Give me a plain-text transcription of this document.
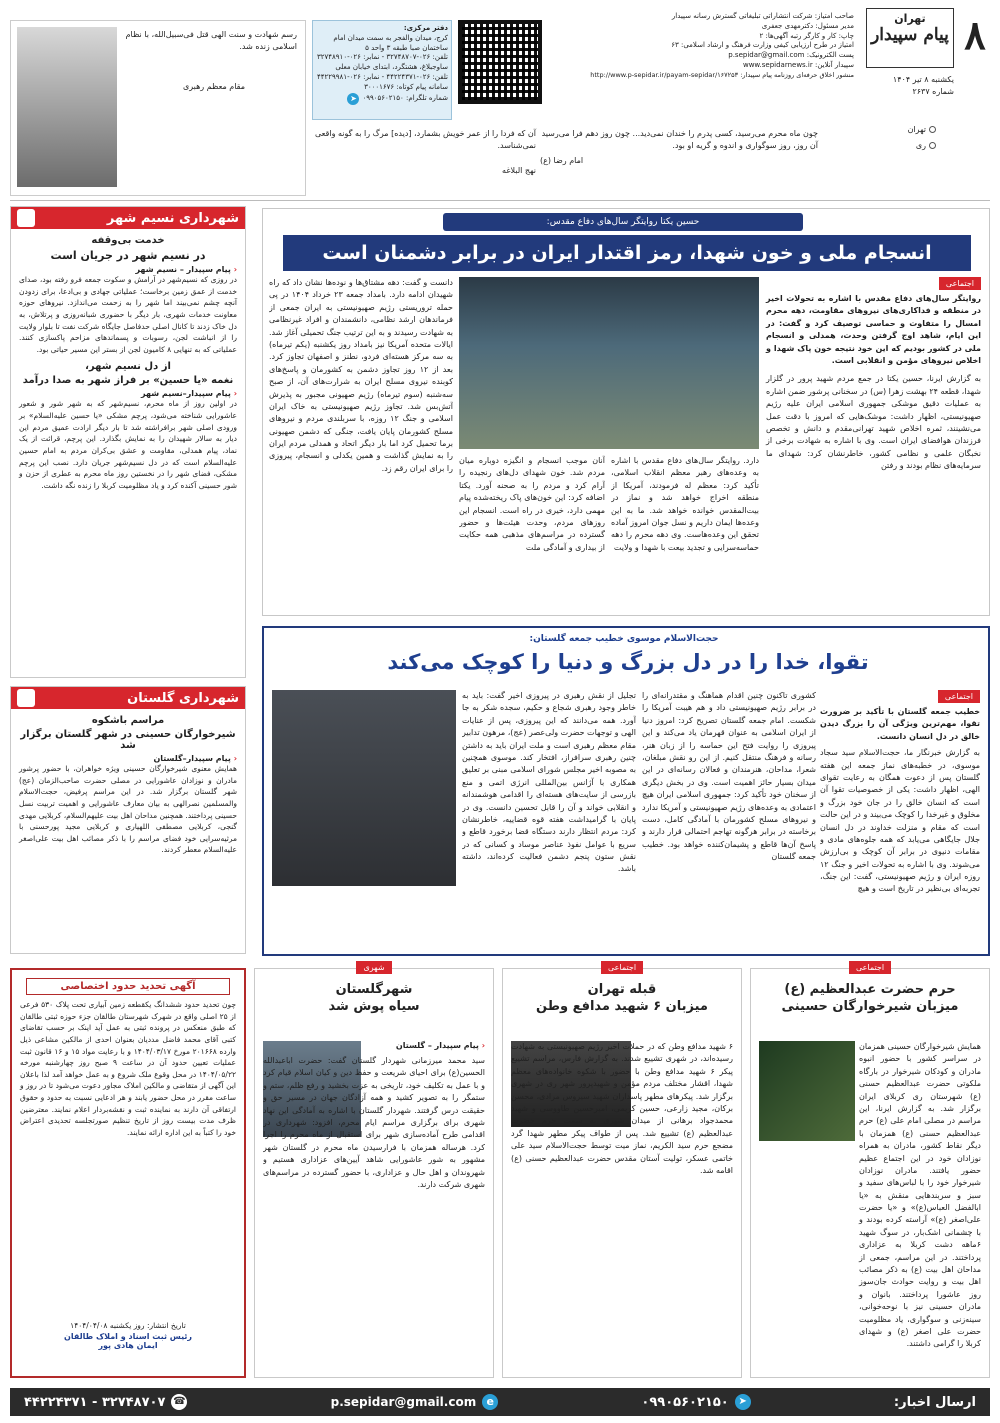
۸
تهران
پیام سپیدار
یکشنبه ۸ تیر ۱۴۰۴
شماره ۲۶۳۷
تهران
ری
صاحب امتیاز: شرکت انتشاراتی تبلیغاتی گسترش رسانه سپیدار
مدیر مسئول: دکترمهدی جعفری
چاپ: کار و کارگر رتبه آگهی‌ها: ۲
امتیاز در طرح ارزیابی کیفی وزارت فرهنگ و ارشاد اسلامی: ۶۳
پست الکترونیک: p.sepidar@gmail.com
سپیدار آنلاین: www.sepidarnews.ir
منشور اخلاق حرفه‌ای روزنامه پیام سپیدار: http://www.p-sepidar.ir/payam-sepidar/۱۶۷۲۵۳
دفتر مرکزی:
کرج، میدان والفجر به سمت میدان امام ساختمان صبا طبقه ۳ واحد ۵
تلفن: ۰۲۶-۳۲۷۴۸۷۰۷ - نمابر: ۰۲۶-۳۲۷۴۸۹۱۰
ساوجبلاغ، هشتگرد، ابتدای خیابان معلی
تلفن: ۰۲۶-۴۴۲۲۴۳۷۱ - نمابر: ۰۲۶-۴۴۲۲۹۹۸۱
سامانه پیام کوتاه: ۳۰۰۰۱۶۷۶
شماره تلگرام: ۰۹۹۰۵۶۰۲۱۵۰
➤
رسم شهادت و سنت الهی قتل فی‌سبیل‌الله، با نظام اسلامی زنده شد.
مقام معظم رهبری
چون ماه محرم می‌رسید، کسی پدرم را خندان نمی‌دید... چون روز دهم فرا می‌رسید آن روز، روز سوگواری و اندوه و گریه او بود.
امام رضا (ع)
آن که فردا را از عمر خویش بشمارد، [دیده] مرگ را به گونه واقعی نمی‌شناسد.
نهج البلاغه
شهرداری نسیم شهر
خدمت بی‌وقفه
در نسیم شهر در جریان است
‹ پیام سپیدار – نسیم شهر
در روزی که نسیم‌شهر در آرامش و سکوت جمعه فرو رفته بود، صدای خدمت از عمق زمین برخاست؛ عملیاتی جهادی و بی‌ادعا، برای زدودن آنچه چشم نمی‌بیند اما شهر را به زحمت می‌اندازد. نیروهای حوزه معاونت خدمات شهری، بار دیگر با حضوری شبانه‌روزی و پرتلاش، به دل خاک زدند تا کانال اصلی حدفاصل جایگاه شرکت نفت تا بلوار ولایت را از انباشت لجن، رسوبات و پسماندهای مزاحم پاکسازی کنند. عملیاتی که به تنهایی ۸ کامیون لجن از بستر این مسیر حیاتی بود.
از دل نسیم شهر،
نغمه «یا حسین» بر فراز شهر به صدا درآمد
‹ پیام سپیدار–نسیم شهر
در اولین روز از ماه محرم، نسیم‌شهر که به شهر شور و شعور عاشورایی شناخته می‌شود، پرچم مشکی «یا حسین علیه‌السلام» بر ورودی اصلی شهر برافراشته شد تا بار دیگر ارادت عمیق مردم این دیار به سالار شهیدان را به نمایش بگذارد. این پرچم، قرائت از یک نماد، پیام همدلی، مقاومت و عشق بی‌کران مردم به امام حسین علیه‌السلام است که در دل نسیم‌شهر جریان دارد. نصب این پرچم مشکی، فضای شهر را در نخستین روز ماه محرم به عطری از حزن و شور حسینی آکنده کرد و یاد مظلومیت کربلا را زنده نگه داشت.
شهرداری گلستان
مراسم باشکوه
شیرخوارگان حسینی در شهر گلستان برگزار شد
‹ پیام سپیدار–گلستان
همایش معنوی شیرخوارگان حسینی ویژه خواهران، با حضور پرشور مادران و نوزادان عاشورایی در مصلی حضرت صاحب‌الزمان (عج) شهر گلستان برگزار شد. در این مراسم پرفیض، حجت‌الاسلام والمسلمین نصرالهی به بیان معارف عاشورایی و اهمیت تربیت نسل حسینی پرداختند. همچنین مداحان اهل بیت علیهم‌السلام، کربلایی مهدی گنجی، کربلایی مصطفی اللهیاری و کربلایی مجید پورحسنی با مرثیه‌سرایی خود فضای مراسم را با ذکر مصائب اهل بیت علی‌اصغر علیه‌السلام معطر کردند.
حسین یکتا روایتگر سال‌های دفاع مقدس:
انسجام ملی و خون شهدا، رمز اقتدار ایران در برابر دشمنان است
اجتماعی
روایتگر سال‌های دفاع مقدس با اشاره به تحولات اخیر در منطقه و فداکاری‌های نیروهای مقاومت، دهه محرم امسال را متفاوت و حماسی توصیف کرد و گفت: در این ایام، شاهد اوج گرفتن وحدت، همدلی و انسجام ملی در کشور بودیم که این خود نتیجه خون پاک شهدا و اخلاص نیروهای مؤمن و انقلابی است.
به گزارش ایرنا، حسین یکتا در جمع مردم شهید پرور در گلزار شهدا، قطعه ۲۴ بهشت زهرا (س) در سخنانی پرشور ضمن اشاره به عملیات دقیق موشکی جمهوری اسلامی ایران علیه رژیم صهیونیستی، اظهار داشت: موشک‌هایی که امروز با دقت عمل می‌نشینند، ثمره اخلاص شهید تهرانی‌مقدم و دانش و تخصص فرزندان هوافضای ایران است. وی با اشاره به شهادت برخی از نخبگان علمی و نظامی کشور، خاطرنشان کرد: شهدای ما سرمایه‌های نظام بودند و رفتن
دانست و گفت: دهه مشتاق‌ها و نوده‌ها نشان داد که راه شهیدان ادامه دارد. بامداد جمعه ۲۳ خرداد ۱۴۰۴ در پی حمله تروریستی رژیم صهیونیستی به ایران جمعی از فرماندهان ارشد نظامی، دانشمندان و افراد غیرنظامی به شهادت رسیدند و به این ترتیب جنگ تحمیلی آغاز شد. ایالات متحده آمریکا نیز بامداد روز یکشنبه (یکم تیرماه) به سه مرکز هسته‌ای فردو، نطنز و اصفهان تجاوز کرد. بعد از ۱۲ روز تجاوز دشمن به کشورمان و پاسخ‌های کوبنده نیروی مسلح ایران به شرارت‌های آن، از صبح سه‌شنبه (سوم تیرماه) رژیم صهیونی مجبور به پذیرش آتش‌بس شد. تجاوز رژیم صهیونیستی به خاک ایران اسلامی و جنگ ۱۲ روزه، با سربلندی مردم و نیروهای مسلح کشورمان پایان یافت، جنگی که دشمن صهیونی برما تحمیل کرد اما بار دیگر اتحاد و همدلی مردم ایران را به نمایش گذاشت و همین یکدلی و انسجام، پیروزی را برای ایران رقم زد.
دارد. روایتگر سال‌های دفاع مقدس با اشاره به وعده‌های رهبر معظم انقلاب اسلامی، تأکید کرد: معظم له فرمودند، آمریکا از منطقه اخراج خواهد شد و نماز در بیت‌المقدس خوانده خواهد شد. ما به این وعده‌ها ایمان داریم و نسل جوان امروز آماده تحقق این وعده‌هاست. وی دهه محرم را دهه حماسه‌سرایی و تجدید بیعت با شهدا و ولایت
آنان موجب انسجام و انگیزه دوباره میان مردم شد. خون شهدای دل‌های رنجیده را آرام کرد و مردم را به صحنه آورد. یکتا اضافه کرد: این خون‌های پاک ریخته‌شده پیام مهمی دارد، خیری در راه است. انسجام این روزهای مردم، وحدت هیئت‌ها و حضور گسترده در مراسم‌های مذهبی همه حکایت از بیداری و آمادگی ملت
حجت‌الاسلام موسوی خطیب جمعه گلستان:
تقوا، خدا را در دل بزرگ و دنیا را کوچک می‌کند
اجتماعی
خطیب جمعه گلستان با تأکید بر ضرورت تقوا، مهم‌ترین ویژگی آن را بزرگ دیدن خالق در دل انسان دانست.
به گزارش خبرنگار ما، حجت‌الاسلام سید سجاد موسوی، در خطبه‌های نماز جمعه این هفته گلستان پس از دعوت همگان به رعایت تقوای الهی، اظهار داشت: یکی از خصوصیات تقوا آن است که انسان خالق را در جان خود بزرگ و مخلوق و غیرخدا را کوچک می‌بیند و در این حالت است که مقام و منزلت خداوند در دل انسان جلال جایگاهی می‌یابد که همه جلوه‌های مادی و مقامات دنیوی در برابر آن کوچک و بی‌ارزش می‌شوند. وی با اشاره به تحولات اخیر و جنگ ۱۲ روزه ایران و رژیم صهیونیستی، گفت: این جنگ، تجربه‌ای بی‌نظیر در تاریخ است و هیچ
کشوری تاکنون چنین اقدام هماهنگ و مقتدرانه‌ای را در برابر رژیم صهیونیستی داد و هم هیبت آمریکا را شکست. امام جمعه گلستان تصریح کرد: امروز دنیا از ایران اسلامی به عنوان قهرمان یاد می‌کند و این پیروزی را روایت فتح این حماسه را از زبان هنر، رسانه و فرهنگ منتقل کنیم. از این رو نقش مبلغان، شعرا، مداحان، هنرمندان و فعالان رسانه‌ای در این میدان بسیار حائز اهمیت است. وی در بخش دیگری از سخنان خود تأکید کرد: جمهوری اسلامی ایران هیچ اعتمادی به وعده‌های رژیم صهیونیستی و آمریکا ندارد و نیروهای مسلح کشورمان با آمادگی کامل، دست برخاسته در برابر هرگونه تهاجم احتمالی قرار دارند و پاسخ آن‌ها قاطع و پشیمان‌کننده خواهد بود. خطیب جمعه گلستان
تجلیل از نقش رهبری در پیروزی اخیر گفت: باید به خاطر وجود رهبری شجاع و حکیم، سجده شکر به جا آورد. همه می‌دانند که این پیروزی، پس از عنایات الهی و توجهات حضرت ولی‌عصر (عج)، مرهون تدابیر مقام معظم رهبری است و ملت ایران باید به داشتن چنین رهبری سرافراز، افتخار کند. موسوی همچنین به مصوبه اخیر مجلس شورای اسلامی مبنی بر تعلیق همکاری با آژانس بین‌المللی انرژی اتمی و منع بازرسی از سایت‌های هسته‌ای را اقدامی هوشمندانه و انقلابی خواند و آن را قابل تحسین دانست. وی در پایان با گرامیداشت هفته قوه قضاییه، خاطرنشان کرد: مردم انتظار دارند دستگاه قضا برخورد قاطع و سریع با عوامل نفوذ عناصر موساد و کسانی که در نقش ستون پنجم دشمن فعالیت کرده‌اند، داشته باشد.
اجتماعی
حرم حضرت عبدالعظیم (ع)
میزبان شیرخوارگان حسینی
همایش شیرخوارگان حسینی همزمان در سراسر کشور با حضور انبوه مادران و کودکان شیرخوار در بارگاه ملکوتی حضرت عبدالعظیم حسنی (ع) شهرستان ری کربلای ایران برگزار شد. به گزارش ایرنا، این مراسم در مصلی امام علی (ع) حرم عبدالعظیم حسنی (ع) همزمان با دیگر نقاط کشور، مادران به همراه نوزادان خود در این اجتماع عظیم حضور یافتند. مادران نوزادان شیرخوار خود را با لباس‌های سفید و سبز و سربندهایی منقش به «یا ابالفضل العباس(ع)» و «یا حضرت علی‌اصغر (ع)» آراسته کرده بودند و با چشمانی اشک‌بار، در سوگ شهید ۶ماهه دشت کربلا به عزاداری پرداختند. در این مراسم، جمعی از مداحان اهل بیت (ع) به ذکر مصائب اهل بیت و روایت حوادث جان‌سوز روز عاشورا پرداختند. بانوان و مادران حسینی نیز با نوحه‌خوانی، سینه‌زنی و سوگواری، یاد مظلومیت حضرت علی اصغر (ع) و شهدای کربلا را گرامی داشتند.
اجتماعی
قبله تهران
میزبان ۶ شهید مدافع وطن
۶ شهید مدافع وطن که در حملات اخیر رژیم صهیونیستی به شهادت رسیده‌اند، در شهری تشییع شدند. به گزارش فارس، مراسم تشییع پیکر ۶ شهید مدافع وطن با حضور با شکوه خانواده‌های معظم شهدا، اقشار مختلف مردم مؤمن و شهیدپرور شهر ری در شهری برگزار شد. پیکرهای مطهر پاسداران شهید سیروس مرادی، محسن برکان، مجید زارعی، حسین کریمی، امیرحسین طاووسی و شهید محمدجواد برهانی از میدان شهری به سمت حرم حضرت عبدالعظیم (ع) تشییع شد. پس از طواف پیکر مطهر شهدا گرد مضجع حرم سید الکریم، نماز میت توسط حجت‌الاسلام سید علی خاتمی عسکر، تولیت آستان مقدس حضرت عبدالعظیم حسنی (ع) اقامه شد.
شهری
شهرگلستان
سیاه پوش شد
‹ پیام سپیدار – گلستان
سید محمد میرزمانی شهردار گلستان گفت: حضرت اباعبدالله الحسین(ع) برای احیای شریعت و حفظ دین و کیان اسلام قیام کرد و با عمل به تکلیف خود، تاریخی به عزت بخشید و رفع ظلم، ستم و ستمگر را به تصویر کشید و همه آزادگان جهان در مسیر حق و حقیقت درس گرفتند. شهردار گلستان با اشاره به آمادگی این نهاد شهری برای برگزاری مراسم ایام محرم، افزود: شهرداری در اقدامی طرح آماده‌سازی شهر برای استقبال از ماه محرم را اجرا کرد. هرساله همزمان با فرارسیدن ماه محرم در گلستان شهر مشهور به شور عاشورایی شاهد آیین‌های عزاداری هستیم و شهروندان و اهل حال و عزاداری، با حضور گسترده در مراسم‌های شهری شرکت دارند.
آگهی تحدید حدود اختصاصی
چون تحدید حدود ششدانگ یکقطعه زمین آبیاری تحت پلاک ۵۳۰ فرعی از ۲۵ اصلی واقع در شهرک شهرستان طالقان جزء حوزه ثبتی طالقان که طبق منعکس در پرونده ثبتی به عمل آید اینک بر حسب تقاضای کتبی آقای محمد فاضل مددیان بعنوان احدی از مالکین مشاعی ذیل وارده ۲۰۱۶۶۸ مورخ ۱۴۰۴/۰۳/۱۷ و با رعایت مواد ۱۵ و ۱۶ قانون ثبت عملیات تعیین حدود آن در ساعت ۹ صبح روز چهارشنبه مورخه ۱۴۰۴/۰۵/۲۲ در محل وقوع ملک شروع و به عمل خواهد آمد لذا باعلان این آگهی از متقاضی و مالکین املاک مجاور دعوت می‌شود تا در روز و ساعت مقرر در محل حضور یابند و هر ادعایی نسبت به حدود و حقوق ارتفاقی آن دارند به نماینده ثبت و نقشه‌بردار اعلام نمایند. معترضین ظرف مدت بیست روز از تاریخ تنظیم صورتجلسه تحدیدی اعتراض خود را کتباً به این اداره ارائه نمایند.
تاریخ انتشار: روز یکشنبه ۱۴۰۴/۰۴/۰۸
رئیس ثبت اسناد و املاک طالقان
ایمان هادی پور
ارسال اخبار:
➤
۰۹۹۰۵۶۰۲۱۵۰
e
p.sepidar@gmail.com
☎
۳۲۷۴۸۷۰۷ - ۴۴۲۲۴۳۷۱
